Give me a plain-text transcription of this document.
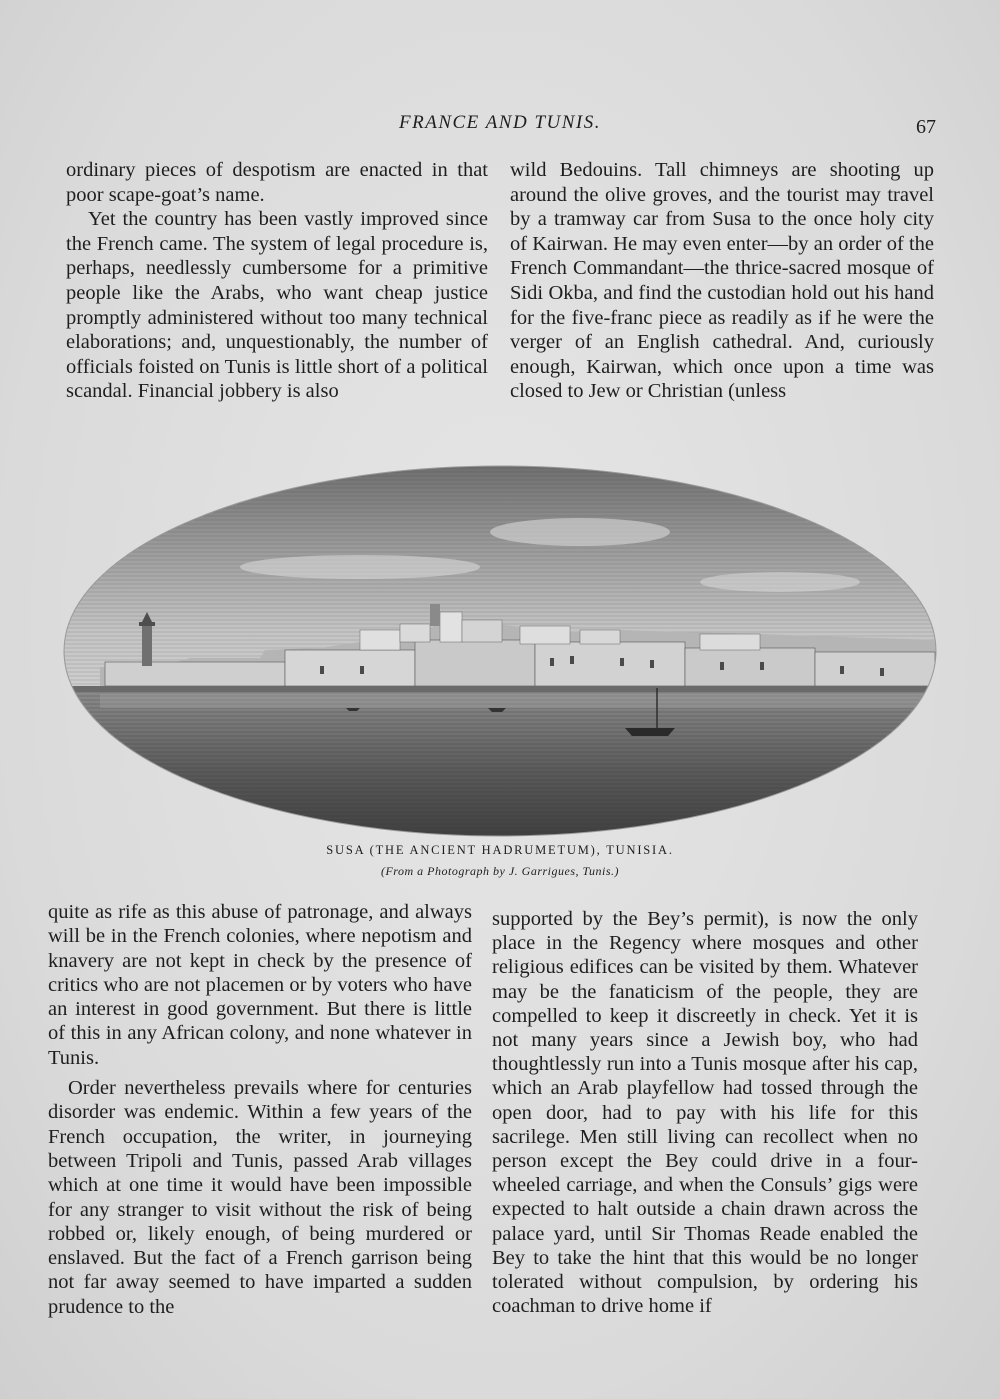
FRANCE AND TUNIS.	67

ordinary pieces of despotism are enacted in that poor scape-goat’s name.

Yet the country has been vastly improved since the French came. The system of legal procedure is, perhaps, needlessly cumbersome for a primitive people like the Arabs, who want cheap justice promptly administered without too many technical elaborations; and, unquestionably, the number of officials foisted on Tunis is little short of a political scandal. Financial jobbery is also

wild Bedouins. Tall chimneys are shooting up around the olive groves, and the tourist may travel by a tramway car from Susa to the once holy city of Kairwan. He may even enter—by an order of the French Commandant—the thrice-sacred mosque of Sidi Okba, and find the custodian hold out his hand for the five-franc piece as readily as if he were the verger of an English cathedral. And, curiously enough, Kairwan, which once upon a time was closed to Jew or Christian (unless

SUSA (THE ANCIENT HADRUMETUM), TUNISIA.
(From a Photograph by J. Garrigues, Tunis.)

quite as rife as this abuse of patronage, and always will be in the French colonies, where nepotism and knavery are not kept in check by the presence of critics who are not placemen or by voters who have an interest in good government. But there is little of this in any African colony, and none whatever in Tunis.

Order nevertheless prevails where for centuries disorder was endemic. Within a few years of the French occupation, the writer, in journeying between Tripoli and Tunis, passed Arab villages which at one time it would have been impossible for any stranger to visit without the risk of being robbed or, likely enough, of being murdered or enslaved. But the fact of a French garrison being not far away seemed to have imparted a sudden prudence to the

supported by the Bey’s permit), is now the only place in the Regency where mosques and other religious edifices can be visited by them. Whatever may be the fanaticism of the people, they are compelled to keep it discreetly in check. Yet it is not many years since a Jewish boy, who had thoughtlessly run into a Tunis mosque after his cap, which an Arab playfellow had tossed through the open door, had to pay with his life for this sacrilege. Men still living can recollect when no person except the Bey could drive in a four-wheeled carriage, and when the Consuls’ gigs were expected to halt outside a chain drawn across the palace yard, until Sir Thomas Reade enabled the Bey to take the hint that this would be no longer tolerated without compulsion, by ordering his coachman to drive home if
